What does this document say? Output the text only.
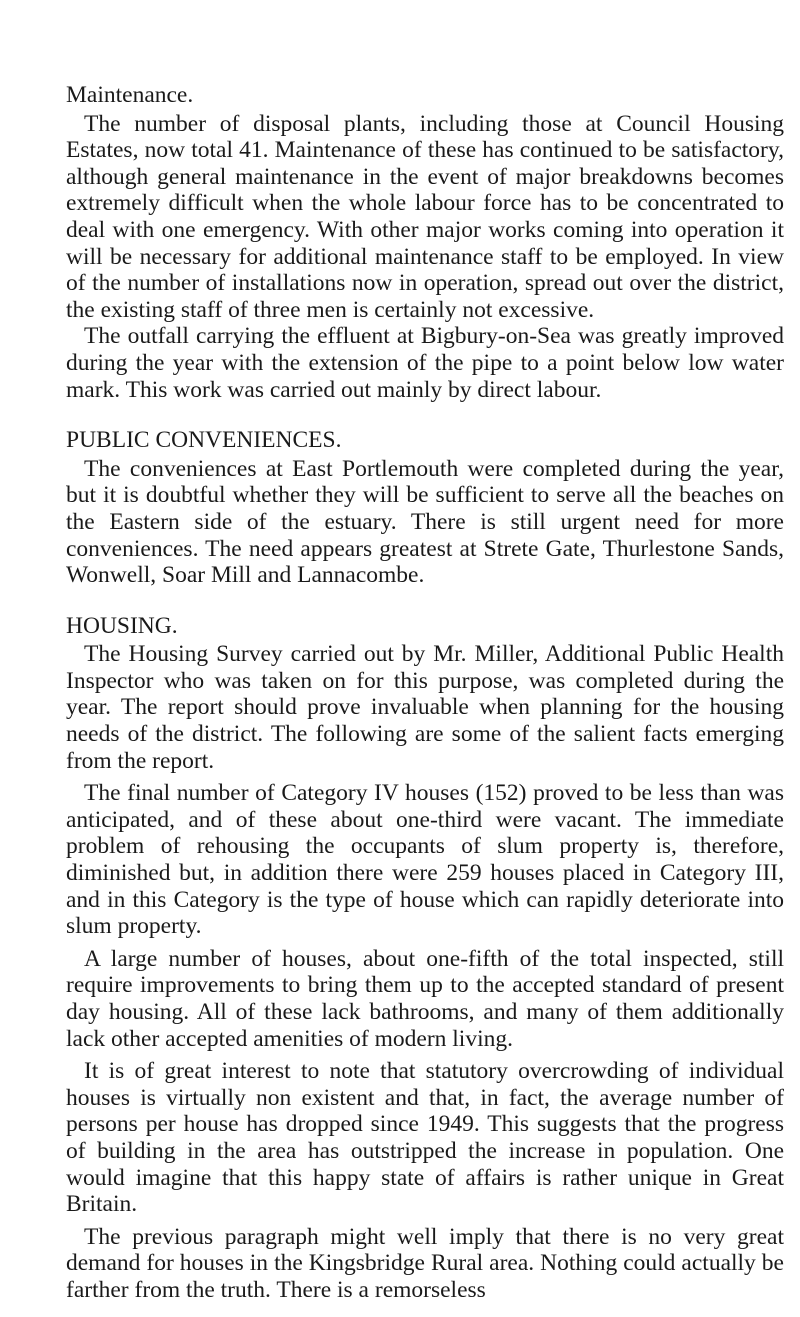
Maintenance.

The number of disposal plants, including those at Council Housing Estates, now total 41. Maintenance of these has continued to be satisfactory, although general maintenance in the event of major breakdowns becomes extremely difficult when the whole labour force has to be concentrated to deal with one emergency. With other major works coming into operation it will be necessary for additional maintenance staff to be employed. In view of the number of installations now in operation, spread out over the district, the existing staff of three men is certainly not excessive.

The outfall carrying the effluent at Bigbury-on-Sea was greatly improved during the year with the extension of the pipe to a point below low water mark. This work was carried out mainly by direct labour.

PUBLIC CONVENIENCES.

The conveniences at East Portlemouth were completed during the year, but it is doubtful whether they will be sufficient to serve all the beaches on the Eastern side of the estuary. There is still urgent need for more conveniences. The need appears greatest at Strete Gate, Thurlestone Sands, Wonwell, Soar Mill and Lannacombe.

HOUSING.

The Housing Survey carried out by Mr. Miller, Additional Public Health Inspector who was taken on for this purpose, was completed during the year. The report should prove invaluable when planning for the housing needs of the district. The following are some of the salient facts emerging from the report.

The final number of Category IV houses (152) proved to be less than was anticipated, and of these about one-third were vacant. The immediate problem of rehousing the occupants of slum property is, therefore, diminished but, in addition there were 259 houses placed in Category III, and in this Category is the type of house which can rapidly deteriorate into slum property.

A large number of houses, about one-fifth of the total inspected, still require improvements to bring them up to the accepted standard of present day housing. All of these lack bathrooms, and many of them additionally lack other accepted amenities of modern living.

It is of great interest to note that statutory overcrowding of individual houses is virtually non existent and that, in fact, the average number of persons per house has dropped since 1949. This suggests that the progress of building in the area has outstripped the increase in population. One would imagine that this happy state of affairs is rather unique in Great Britain.

The previous paragraph might well imply that there is no very great demand for houses in the Kingsbridge Rural area. Nothing could actually be farther from the truth. There is a remorseless
